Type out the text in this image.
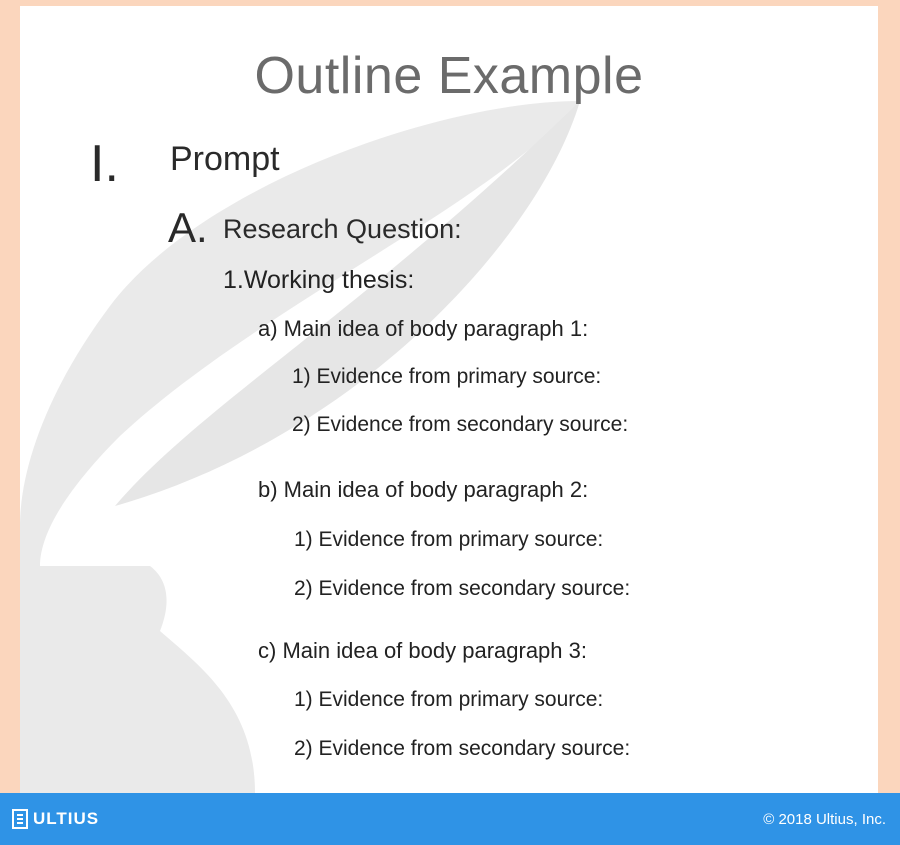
Outline Example
I. Prompt
A. Research Question:
1.Working thesis:
a) Main idea of body paragraph 1:
1) Evidence from primary source:
2) Evidence from secondary source:
b) Main idea of body paragraph 2:
1) Evidence from primary source:
2) Evidence from secondary source:
c) Main idea of body paragraph 3:
1) Evidence from primary source:
2) Evidence from secondary source:
ULTIUS	© 2018 Ultius, Inc.
